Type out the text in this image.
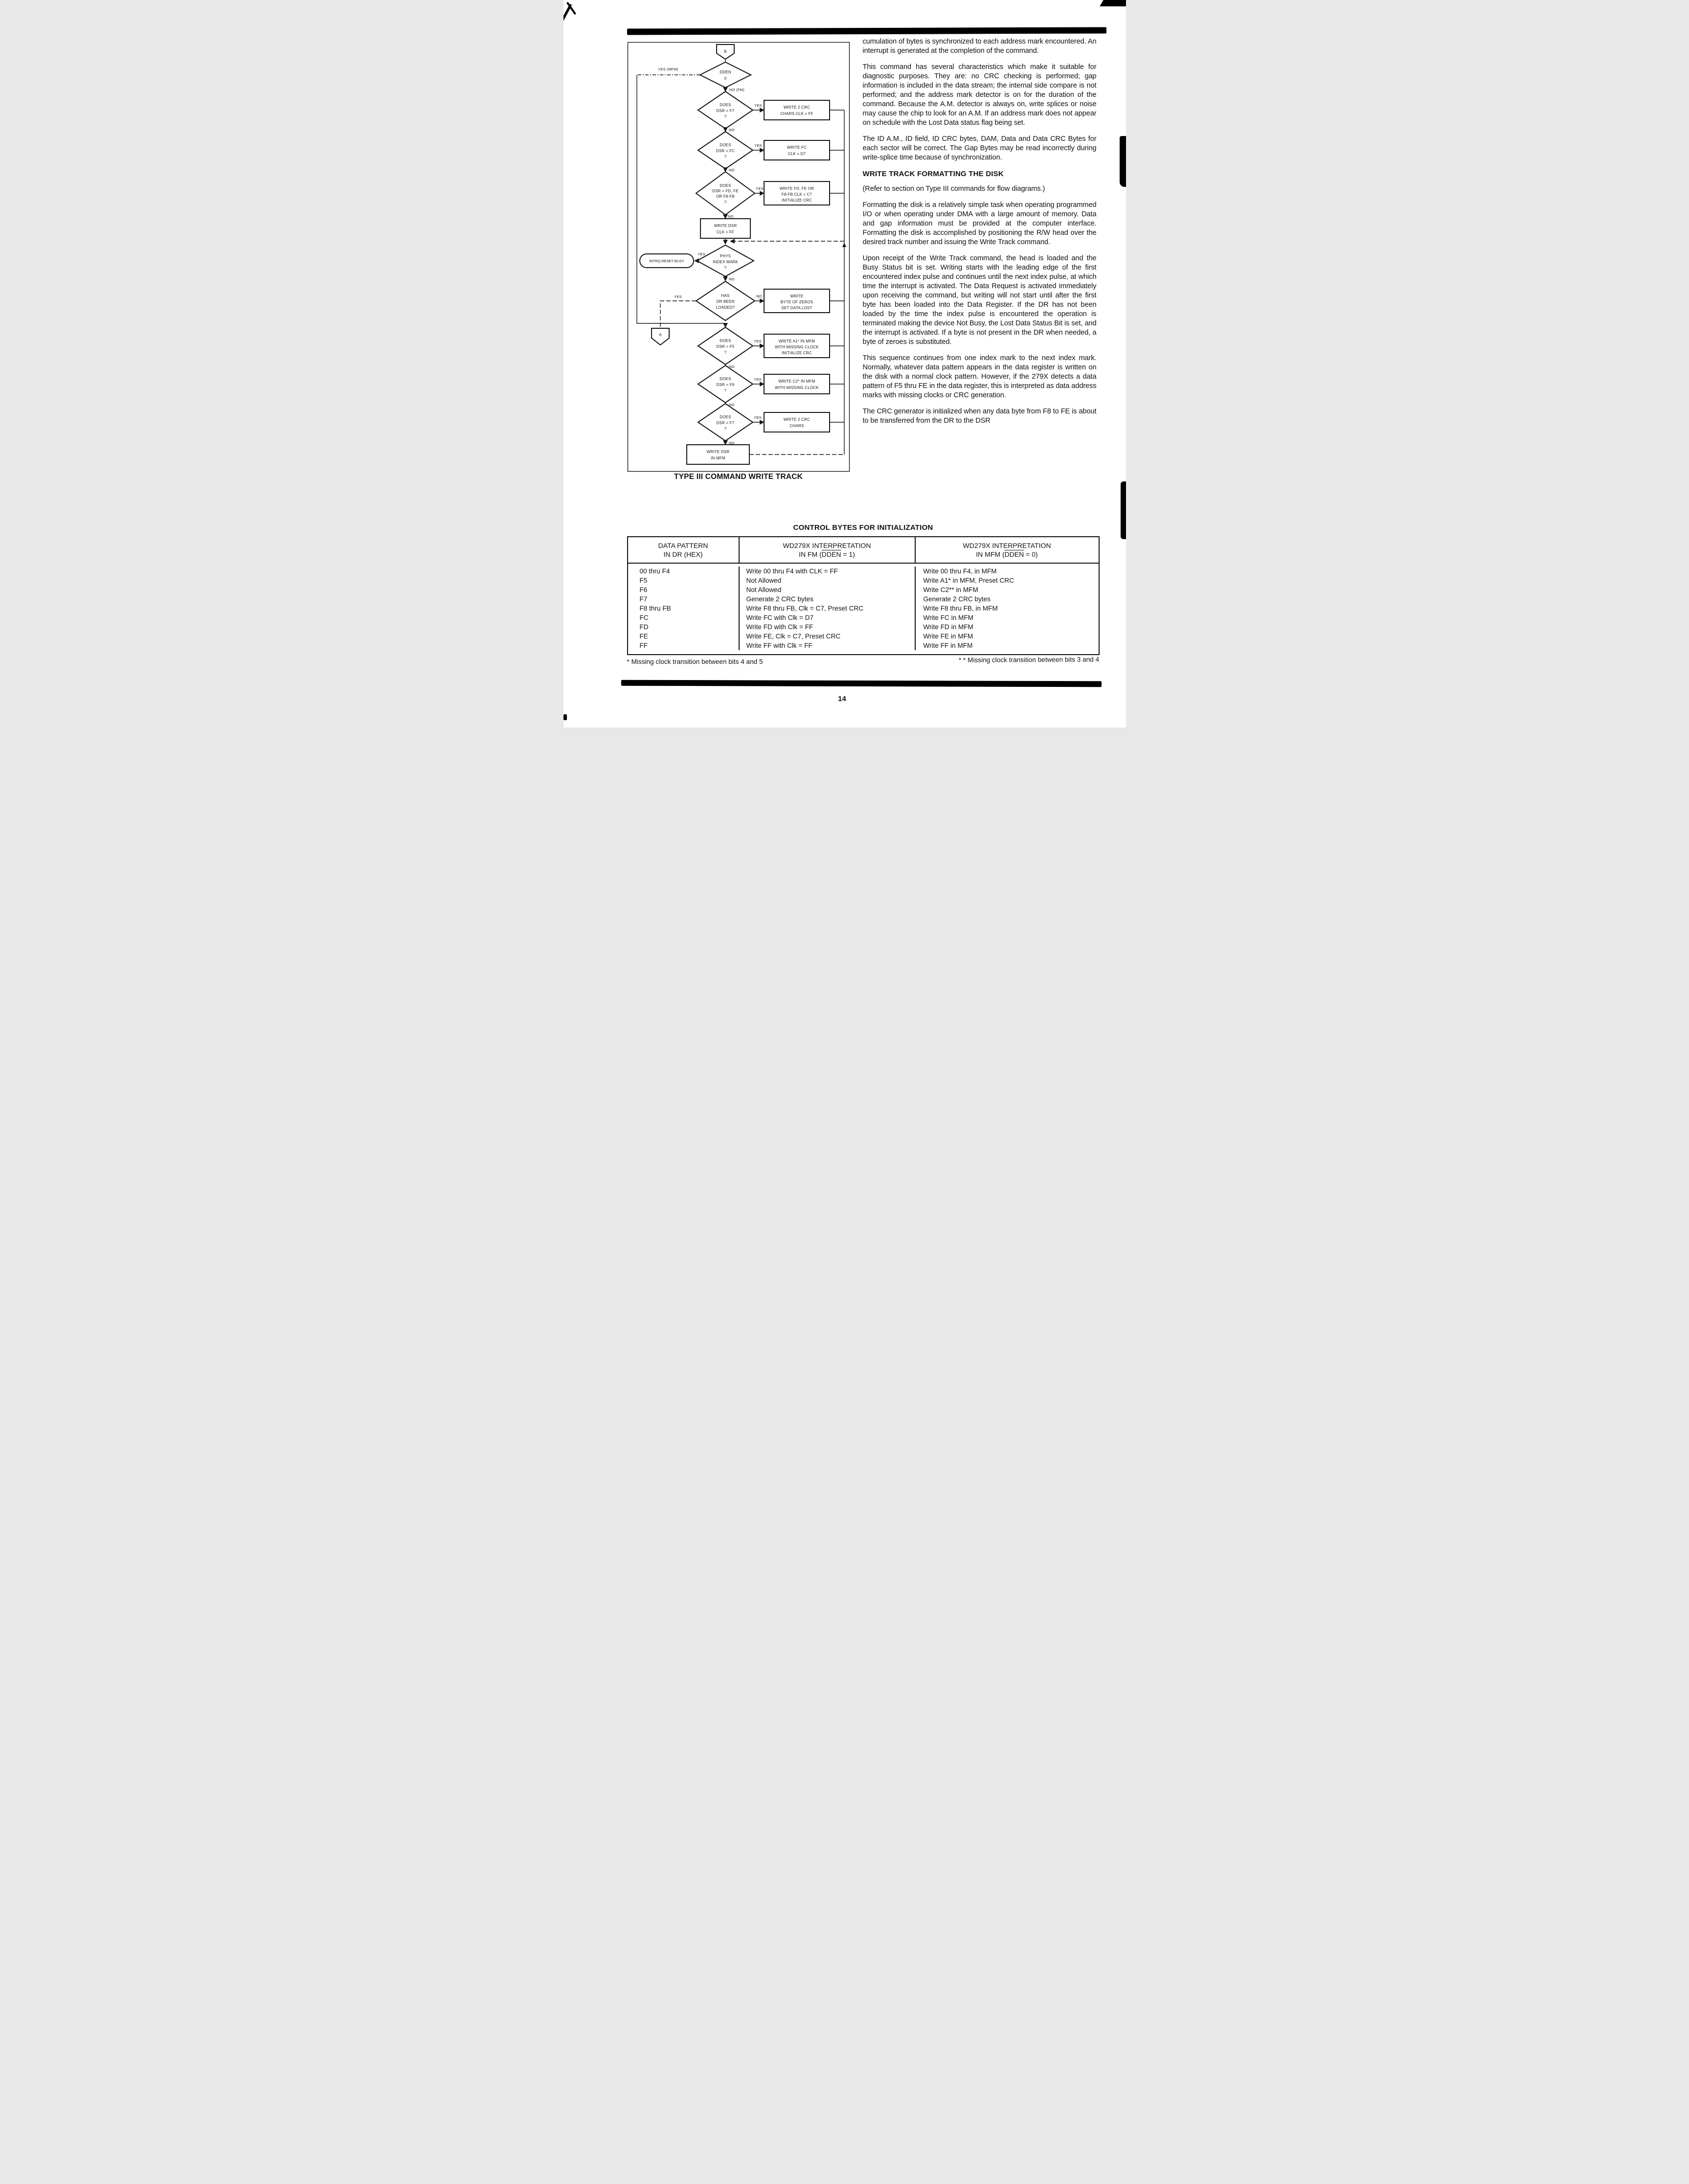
B
DDEN
0
YES (MFM)
NO (FM)
DOES
DSR = F7
?
YES
NO
WRITE 2 CRC
CHARS CLK = FF
DOES
DSR = FC
?
YES
NO
WRITE FC
CLK = D7
DOES
DSR = FD, FE
OR F8-FB
?
YES
NO
WRITE FD, FE OR
F8-FB CLK = C7
INITIALIZE CRC
WRITE DSR
CLK = FF
PHYS
INDEX MARK
?
YES
NO
INTRQ RESET BUSY
HAS
DR BEEN
LOADED?
YES	NO	WRITE
BYTE OF ZEROS
SET DATA LOST
A
DOES
DSR = F5
?
YES
NO
WRITE A1* IN MFM
WITH MISSING CLOCK
INITIALIZE CRC
DOES
DSR = F6
?
YES
NO
WRITE C2* IN MFM
WITH MISSING CLOCK
DOES
DSR = F7
?
YES
NO
WRITE 2 CRC
CHARS
WRITE DSR
IN MFM
TYPE III COMMAND WRITE TRACK

cumulation of bytes is synchronized to each address mark encountered. An interrupt is generated at the completion of the command.

This command has several characteristics which make it suitable for diagnostic purposes. They are: no CRC checking is performed; gap information is included in the data stream; the internal side compare is not performed; and the address mark detector is on for the duration of the command. Because the A.M. detector is always on, write splices or noise may cause the chip to look for an A.M. If an address mark does not appear on schedule with the Lost Data status flag being set.

The ID A.M., ID field, ID CRC bytes, DAM, Data and Data CRC Bytes for each sector will be correct. The Gap Bytes may be read incorrectly during write-splice time because of synchronization.

WRITE TRACK FORMATTING THE DISK

(Refer to section on Type III commands for flow diagrams.)

Formatting the disk is a relatively simple task when operating programmed I/O or when operating under DMA with a large amount of memory. Data and gap information must be provided at the computer interface. Formatting the disk is accomplished by positioning the R/W head over the desired track number and issuing the Write Track command.

Upon receipt of the Write Track command, the head is loaded and the Busy Status bit is set. Writing starts with the leading edge of the first encountered index pulse and continues until the next index pulse, at which time the interrupt is activated. The Data Request is activated immediately upon receiving the command, but writing will not start until after the first byte has been loaded into the Data Register. If the DR has not been loaded by the time the index pulse is encountered the operation is terminated making the device Not Busy, the Lost Data Status Bit is set, and the interrupt is activated. If a byte is not present in the DR when needed, a byte of zeroes is substituted.

This sequence continues from one index mark to the next index mark. Normally, whatever data pattern appears in the data register is written on the disk with a normal clock pattern. However, if the 279X detects a data pattern of F5 thru FE in the data register, this is interpreted as data address marks with missing clocks or CRC generation.

The CRC generator is initialized when any data byte from F8 to FE is about to be transferred from the DR to the DSR

CONTROL BYTES FOR INITIALIZATION
DATA PATTERN
IN DR (HEX)
WD279X INTERPRETATION
IN FM (DDEN = 1)
WD279X INTERPRETATION
IN MFM (DDEN = 0)
00 thru F4	Write 00 thru F4 with CLK = FF	Write 00 thru F4, in MFM
F5	Not Allowed	Write A1* in MFM, Preset CRC
F6	Not Allowed	Write C2** in MFM
F7	Generate 2 CRC bytes	Generate 2 CRC bytes
F8 thru FB	Write F8 thru FB, Clk = C7, Preset CRC	Write F8 thru FB, in MFM
FC	Write FC with Clk = D7	Write FC in MFM
FD	Write FD with Clk = FF	Write FD in MFM
FE	Write FE, Clk = C7, Preset CRC	Write FE in MFM
FF	Write FF with Clk = FF	Write FF in MFM
* Missing clock transition between bits 4 and 5	* * Missing clock transition between bits 3 and 4
14
